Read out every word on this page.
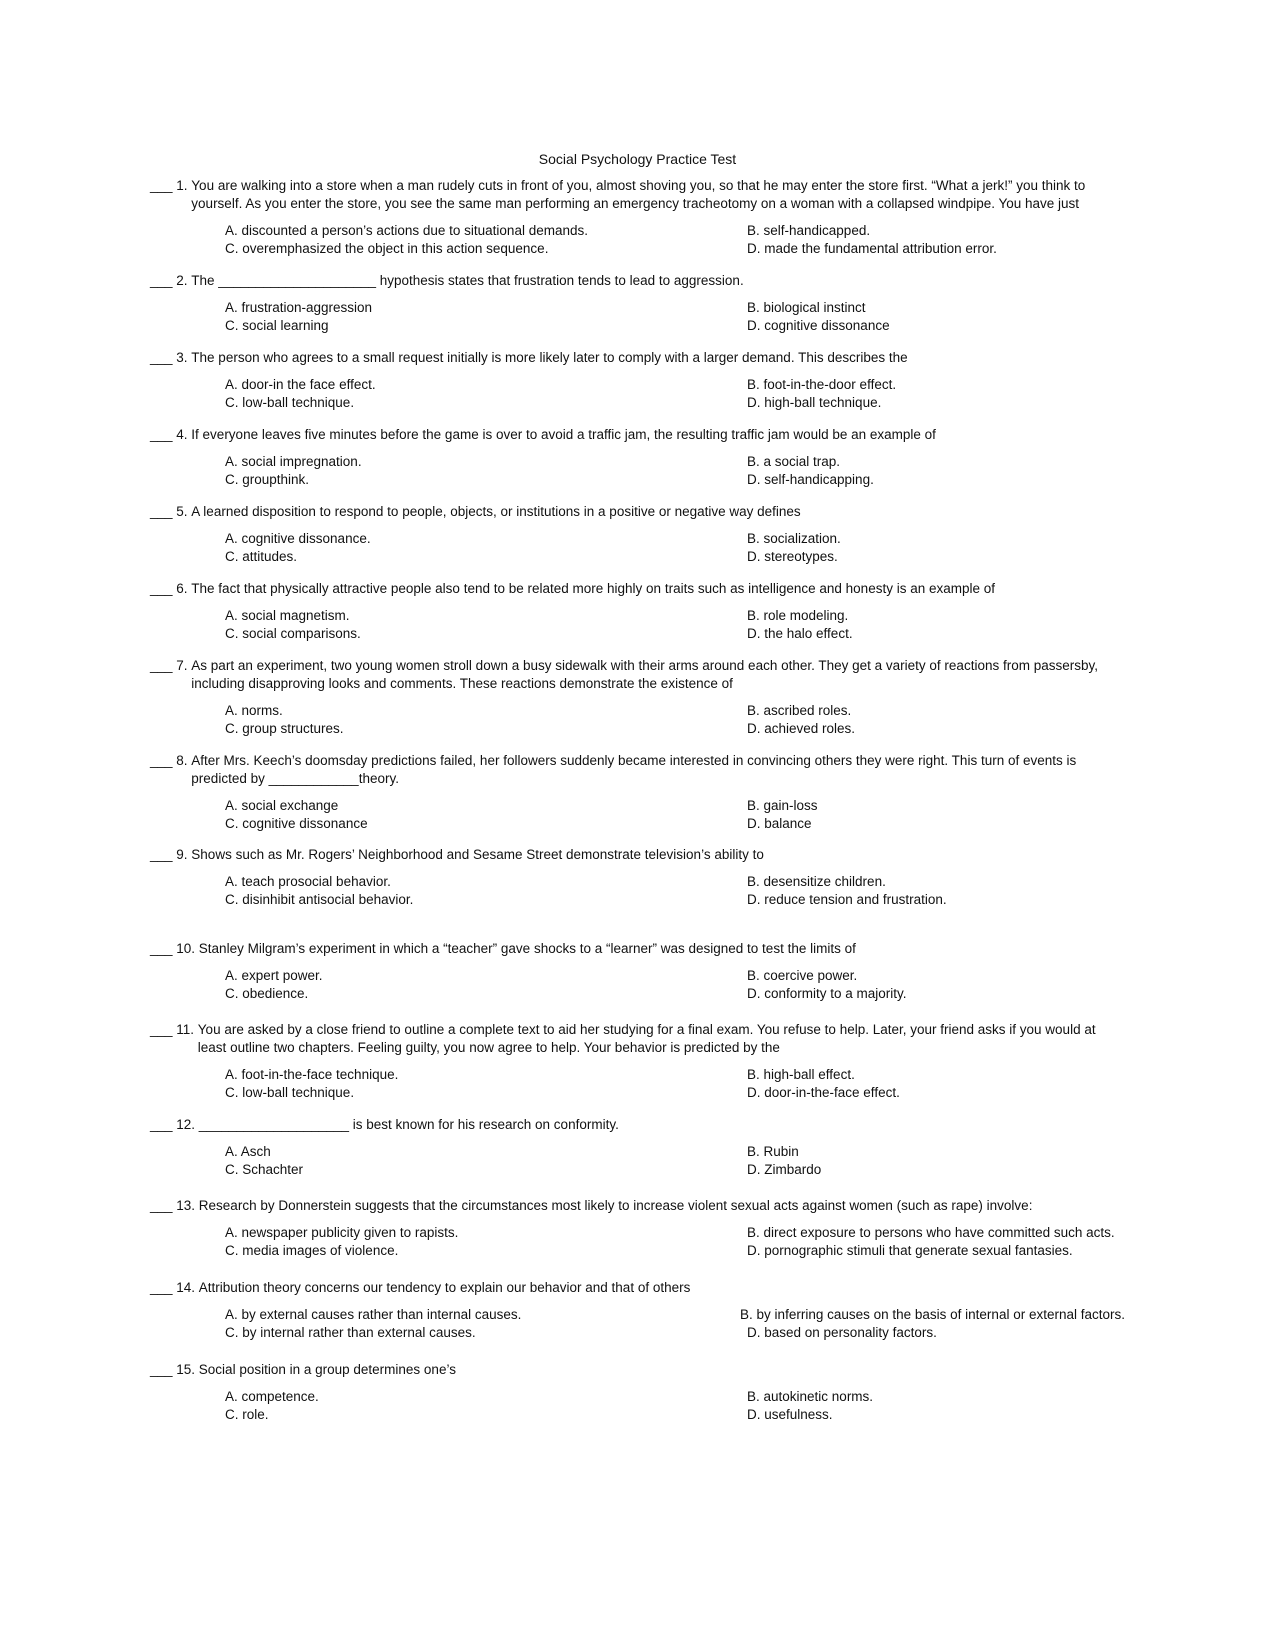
Social Psychology Practice Test
___ 1. You are walking into a store when a man rudely cuts in front of you, almost shoving you, so that he may enter the store first. “What a jerk!” you think to yourself. As you enter the store, you see the same man performing an emergency tracheotomy on a woman with a collapsed windpipe. You have just
A. discounted a person’s actions due to situational demands.	B. self-handicapped.
C. overemphasized the object in this action sequence.	D. made the fundamental attribution error.
___ 2. The _____________________ hypothesis states that frustration tends to lead to aggression.
A. frustration-aggression	B. biological instinct
C. social learning	D. cognitive dissonance
___ 3. The person who agrees to a small request initially is more likely later to comply with a larger demand. This describes the
A. door-in the face effect.	B. foot-in-the-door effect.
C. low-ball technique.	D. high-ball technique.
___ 4. If everyone leaves five minutes before the game is over to avoid a traffic jam, the resulting traffic jam would be an example of
A. social impregnation.	B. a social trap.
C. groupthink.	D. self-handicapping.
___ 5. A learned disposition to respond to people, objects, or institutions in a positive or negative way defines
A. cognitive dissonance.	B. socialization.
C. attitudes.	D. stereotypes.
___ 6. The fact that physically attractive people also tend to be related more highly on traits such as intelligence and honesty is an example of
A. social magnetism.	B. role modeling.
C. social comparisons.	D. the halo effect.
___ 7. As part an experiment, two young women stroll down a busy sidewalk with their arms around each other. They get a variety of reactions from passersby, including disapproving looks and comments. These reactions demonstrate the existence of
A. norms.	B. ascribed roles.
C. group structures.	D. achieved roles.
___ 8. After Mrs. Keech’s doomsday predictions failed, her followers suddenly became interested in convincing others they were right. This turn of events is predicted by ____________theory.
A. social exchange	B. gain-loss
C. cognitive dissonance	D. balance
___ 9. Shows such as Mr. Rogers’ Neighborhood and Sesame Street demonstrate television’s ability to
A. teach prosocial behavior.	B. desensitize children.
C. disinhibit antisocial behavior.	D. reduce tension and frustration.
___ 10. Stanley Milgram’s experiment in which a “teacher” gave shocks to a “learner” was designed to test the limits of
A. expert power.	B. coercive power.
C. obedience.	D. conformity to a majority.
___ 11. You are asked by a close friend to outline a complete text to aid her studying for a final exam. You refuse to help. Later, your friend asks if you would at least outline two chapters. Feeling guilty, you now agree to help. Your behavior is predicted by the
A. foot-in-the-face technique.	B. high-ball effect.
C. low-ball technique.	D. door-in-the-face effect.
___ 12. ____________________ is best known for his research on conformity.
A. Asch	B. Rubin
C. Schachter	D. Zimbardo
___ 13. Research by Donnerstein suggests that the circumstances most likely to increase violent sexual acts against women (such as rape) involve:
A. newspaper publicity given to rapists.	B. direct exposure to persons who have committed such acts.
C. media images of violence.	D. pornographic stimuli that generate sexual fantasies.
___ 14. Attribution theory concerns our tendency to explain our behavior and that of others
A. by external causes rather than internal causes.	B. by inferring causes on the basis of internal or external factors.
C. by internal rather than external causes.	D. based on personality factors.
___ 15. Social position in a group determines one’s
A. competence.	B. autokinetic norms.
C. role.	D. usefulness.
